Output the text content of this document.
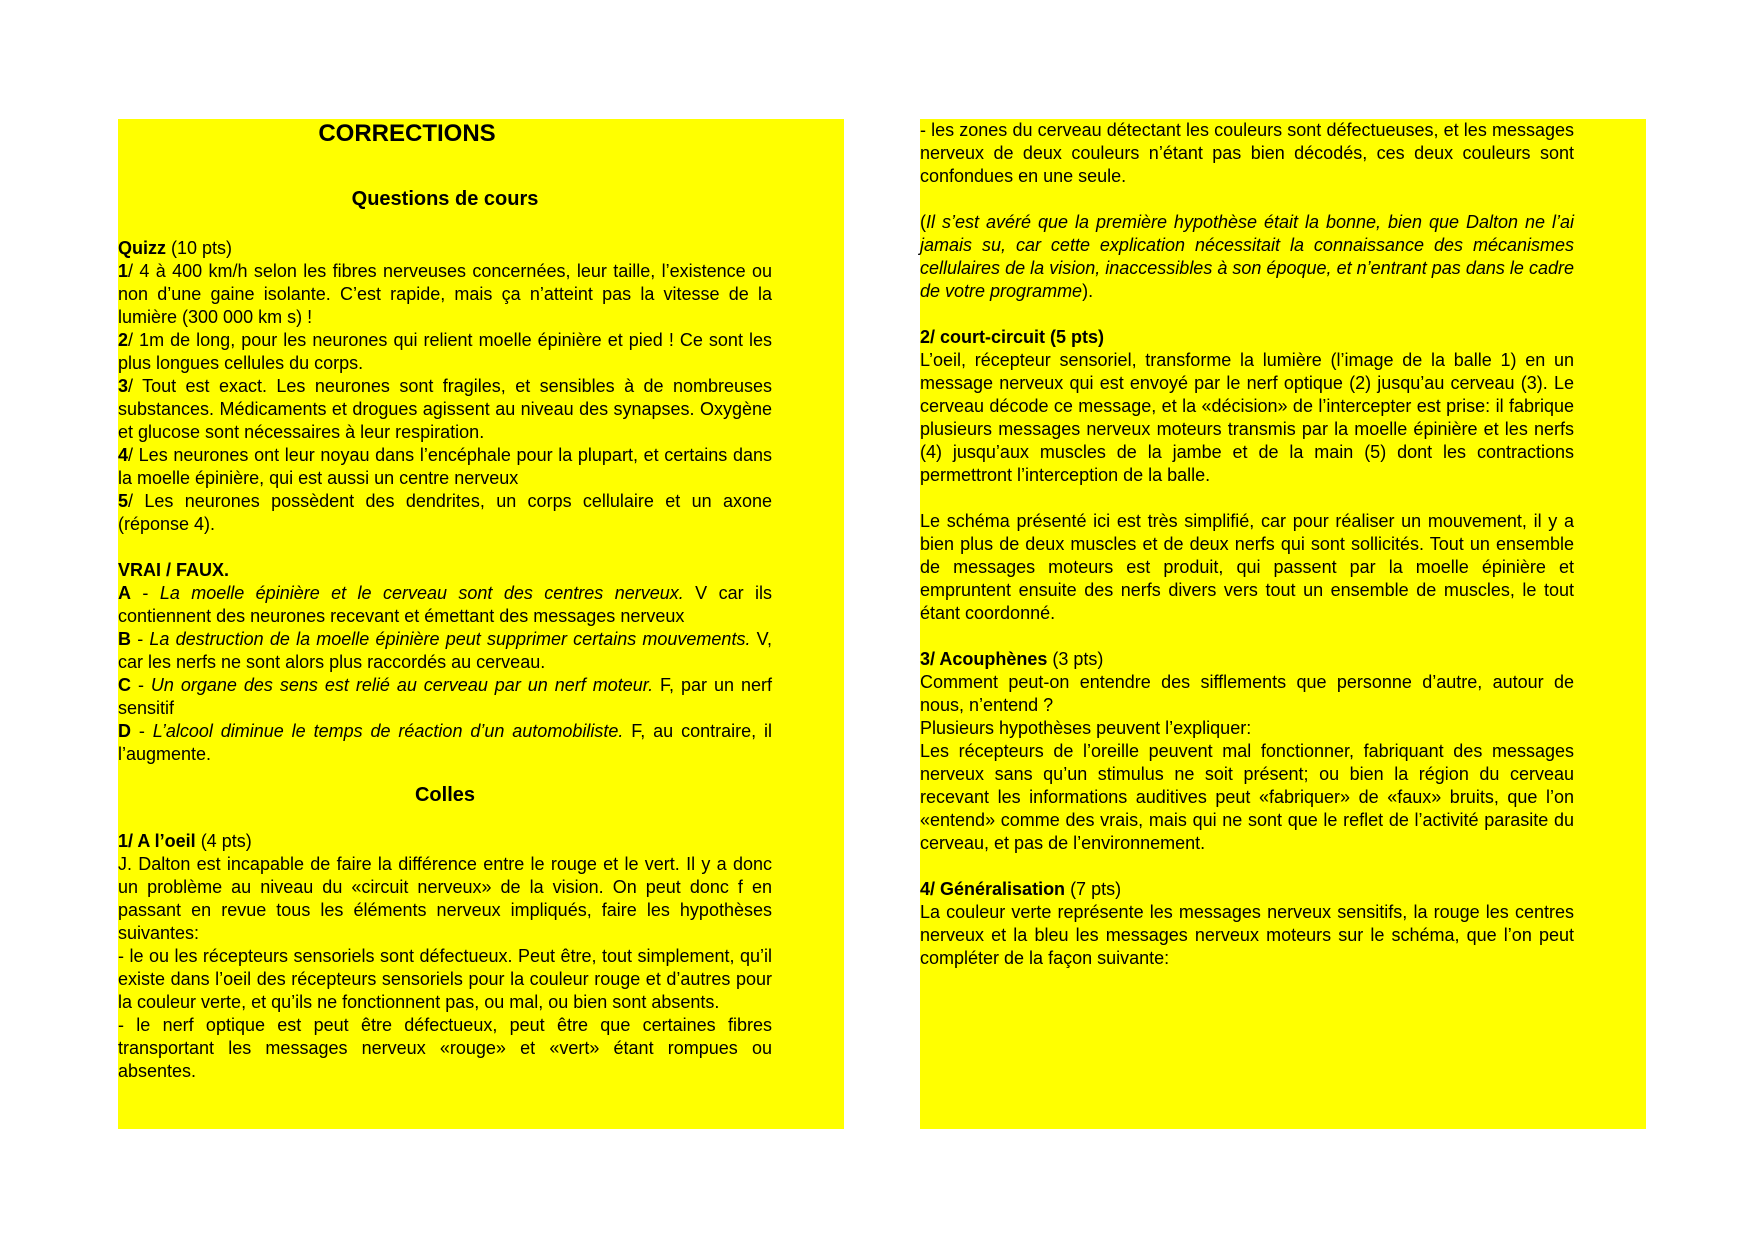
CORRECTIONS
Questions de cours

Quizz (10 pts)

1/ 4 à 400 km/h selon les fibres nerveuses concernées, leur taille, l’existence ou non d’une gaine isolante. C’est rapide, mais ça n’atteint pas la vitesse de la lumière (300 000 km s) !

2/ 1m de long, pour les neurones qui relient moelle épinière et pied ! Ce sont les plus longues cellules du corps.

3/ Tout est exact. Les neurones sont fragiles, et sensibles à de nombreuses substances. Médicaments et drogues agissent au niveau des synapses. Oxygène et glucose sont nécessaires à leur respiration.

4/ Les neurones ont leur noyau dans l’encéphale pour la plupart, et certains dans la moelle épinière, qui est aussi un centre nerveux

5/ Les neurones possèdent des dendrites, un corps cellulaire et un axone (réponse 4).

VRAI / FAUX.

A - La moelle épinière et le cerveau sont des centres nerveux. V car ils contiennent des neurones recevant et émettant des messages nerveux

B - La destruction de la moelle épinière peut supprimer certains mouvements. V, car les nerfs ne sont alors plus raccordés au cerveau.

C - Un organe des sens est relié au cerveau par un nerf moteur. F, par un nerf sensitif

D - L’alcool diminue le temps de réaction d’un automobiliste. F, au contraire, il l’augmente.

Colles

1/ A l’oeil (4 pts)

J. Dalton est incapable de faire la différence entre le rouge et le vert. Il y a donc un problème au niveau du «circuit nerveux» de la vision. On peut donc f en passant en revue tous les éléments nerveux impliqués, faire les hypothèses suivantes:

- le ou les récepteurs sensoriels sont défectueux. Peut être, tout simplement, qu’il existe dans l’oeil des récepteurs sensoriels pour la couleur rouge et d’autres pour la couleur verte, et qu’ils ne fonctionnent pas, ou mal, ou bien sont absents.

- le nerf optique est peut être défectueux, peut être que certaines fibres transportant les messages nerveux «rouge» et «vert» étant rompues ou absentes.

- les zones du cerveau détectant les couleurs sont défectueuses, et les messages nerveux de deux couleurs n’étant pas bien décodés, ces deux couleurs sont confondues en une seule.

(Il s’est avéré que la première hypothèse était la bonne, bien que Dalton ne l’ai jamais su, car cette explication nécessitait la connaissance des mécanismes cellulaires de la vision, inaccessibles à son époque, et n’entrant pas dans le cadre de votre programme).

2/ court-circuit (5 pts)

L’oeil, récepteur sensoriel, transforme la lumière (l’image de la balle 1) en un message nerveux qui est envoyé par le nerf optique (2) jusqu’au cerveau (3). Le cerveau décode ce message, et la «décision» de l’intercepter est prise: il fabrique plusieurs messages nerveux moteurs transmis par la moelle épinière et les nerfs (4) jusqu’aux muscles de la jambe et de la main (5) dont les contractions permettront l’interception de la balle.

Le schéma présenté ici est très simplifié, car pour réaliser un mouvement, il y a bien plus de deux muscles et de deux nerfs qui sont sollicités. Tout un ensemble de messages moteurs est produit, qui passent par la moelle épinière et empruntent ensuite des nerfs divers vers tout un ensemble de muscles, le tout étant coordonné.

3/ Acouphènes (3 pts)

Comment peut-on entendre des sifflements que personne d’autre, autour de nous, n’entend ?

Plusieurs hypothèses peuvent l’expliquer:

Les récepteurs de l’oreille peuvent mal fonctionner, fabriquant des messages nerveux sans qu’un stimulus ne soit présent; ou bien la région du cerveau recevant les informations auditives peut «fabriquer» de «faux» bruits, que l’on «entend» comme des vrais, mais qui ne sont que le reflet de l’activité parasite du cerveau, et pas de l’environnement.

4/ Généralisation (7 pts)

La couleur verte représente les messages nerveux sensitifs, la rouge les centres nerveux et la bleu les messages nerveux moteurs sur le schéma, que l’on peut compléter de la façon suivante:
